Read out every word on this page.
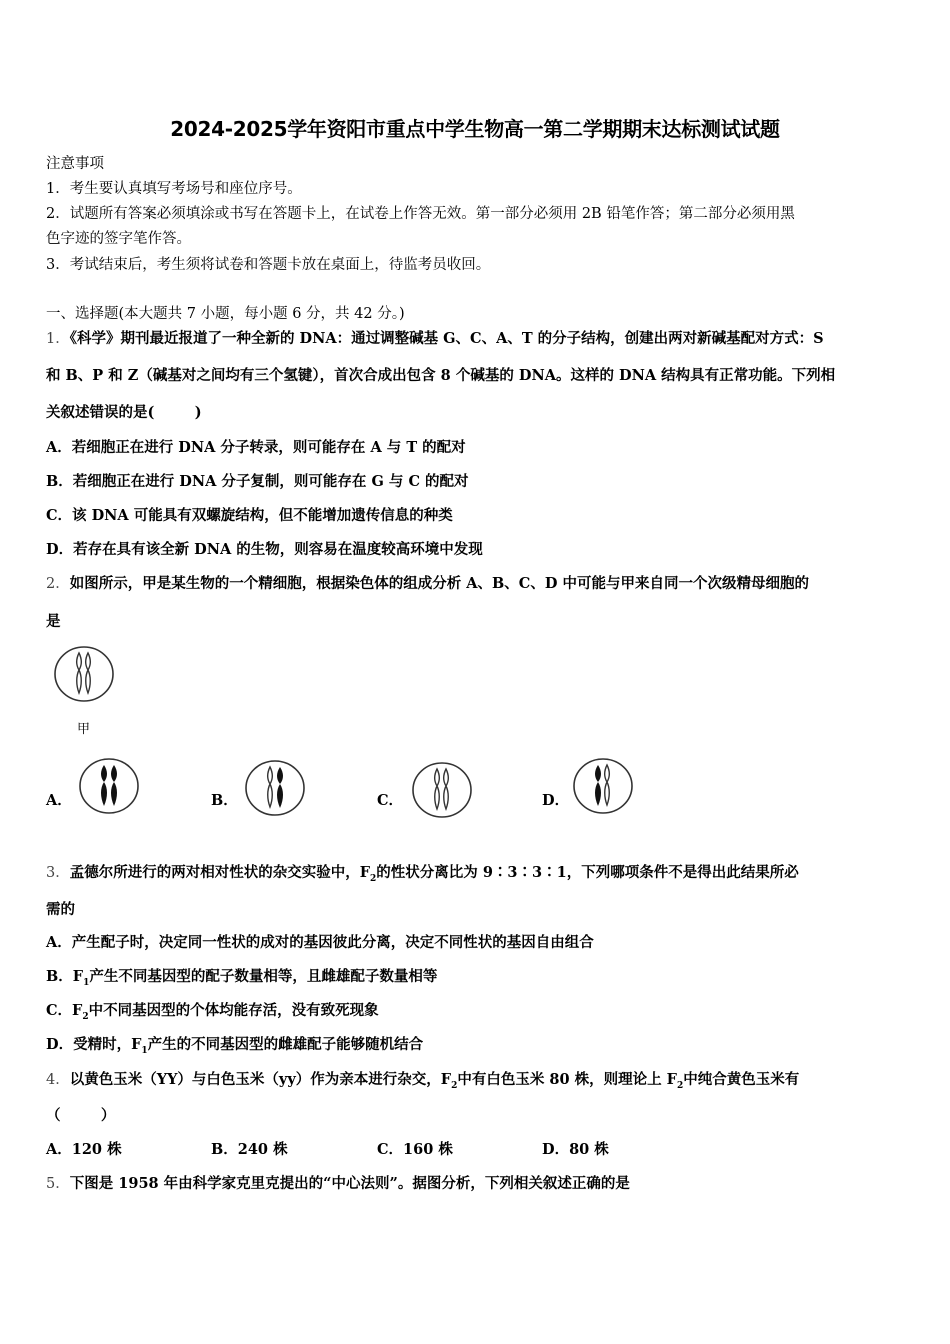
2024-2025学年资阳市重点中学生物高一第二学期期末达标测试试题
注意事项
1．考生要认真填写考场号和座位序号。
2．试题所有答案必须填涂或书写在答题卡上，在试卷上作答无效。第一部分必须用 2B 铅笔作答；第二部分必须用黑
色字迹的签字笔作答。
3．考试结束后，考生须将试卷和答题卡放在桌面上，待监考员收回。
一、选择题(本大题共 7 小题，每小题 6 分，共 42 分。)
1．《科学》期刊最近报道了一种全新的 DNA：通过调整碱基 G、C、A、T 的分子结构，创建出两对新碱基配对方式：S
和 B、P 和 Z（碱基对之间均有三个氢键），首次合成出包含 8 个碱基的 DNA。这样的 DNA 结构具有正常功能。下列相
关叙述错误的是(        )
A．若细胞正在进行 DNA 分子转录，则可能存在 A 与 T 的配对
B．若细胞正在进行 DNA 分子复制，则可能存在 G 与 C 的配对
C．该 DNA 可能具有双螺旋结构，但不能增加遗传信息的种类
D．若存在具有该全新 DNA 的生物，则容易在温度较高环境中发现
2．如图所示，甲是某生物的一个精细胞，根据染色体的组成分析 A、B、C、D 中可能与甲来自同一个次级精母细胞的
是
甲
A．	B．	C．	D．
3．孟德尔所进行的两对相对性状的杂交实验中，$F_2$的性状分离比为 9∶3∶3∶1，下列哪项条件不是得出此结果所必
需的
A．产生配子时，决定同一性状的成对的基因彼此分离，决定不同性状的基因自由组合
B．$F_1$产生不同基因型的配子数量相等，且雌雄配子数量相等
C．$F_2$中不同基因型的个体均能存活，没有致死现象
D．受精时，$F_1$产生的不同基因型的雌雄配子能够随机结合
4．以黄色玉米（YY）与白色玉米（yy）作为亲本进行杂交，$F_2$中有白色玉米 80 株，则理论上 $F_2$中纯合黄色玉米有
（        ）
A．120 株	B．240 株	C．160 株	D．80 株
5．下图是 1958 年由科学家克里克提出的“中心法则”。据图分析，下列相关叙述正确的是
